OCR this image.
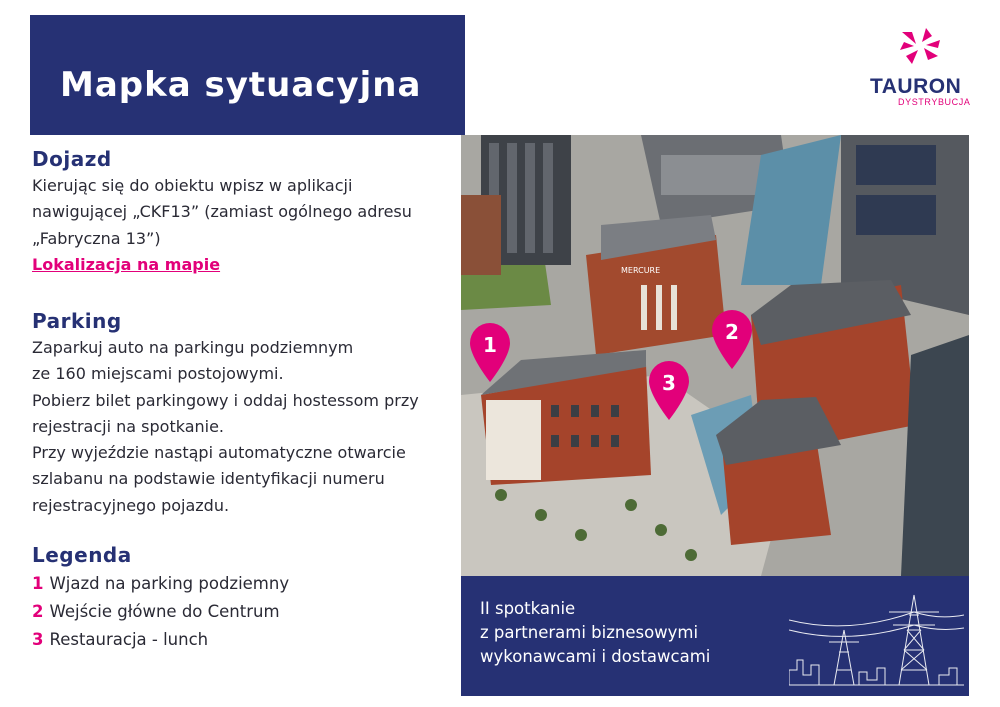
Mapka sytuacyjna	TAURON
DYSTRYBUCJA
Dojazd
Kierując się do obiektu wpisz w aplikacji
nawigującej „CKF13” (zamiast ogólnego adresu
„Fabryczna 13”)
Lokalizacja na mapie
Parking
Zaparkuj auto na parkingu podziemnym
ze 160 miejscami postojowymi.
Pobierz bilet parkingowy i oddaj hostessom przy
rejestracji na spotkanie.
Przy wyjeździe nastąpi automatyczne otwarcie
szlabanu na podstawie identyfikacji numeru
rejestracyjnego pojazdu.
Legenda
1 Wjazd na parking podziemny
2 Wejście główne do Centrum
3 Restauracja - lunch
MERCURE
1
2
3
II spotkanie
z partnerami biznesowymi
wykonawcami i dostawcami
